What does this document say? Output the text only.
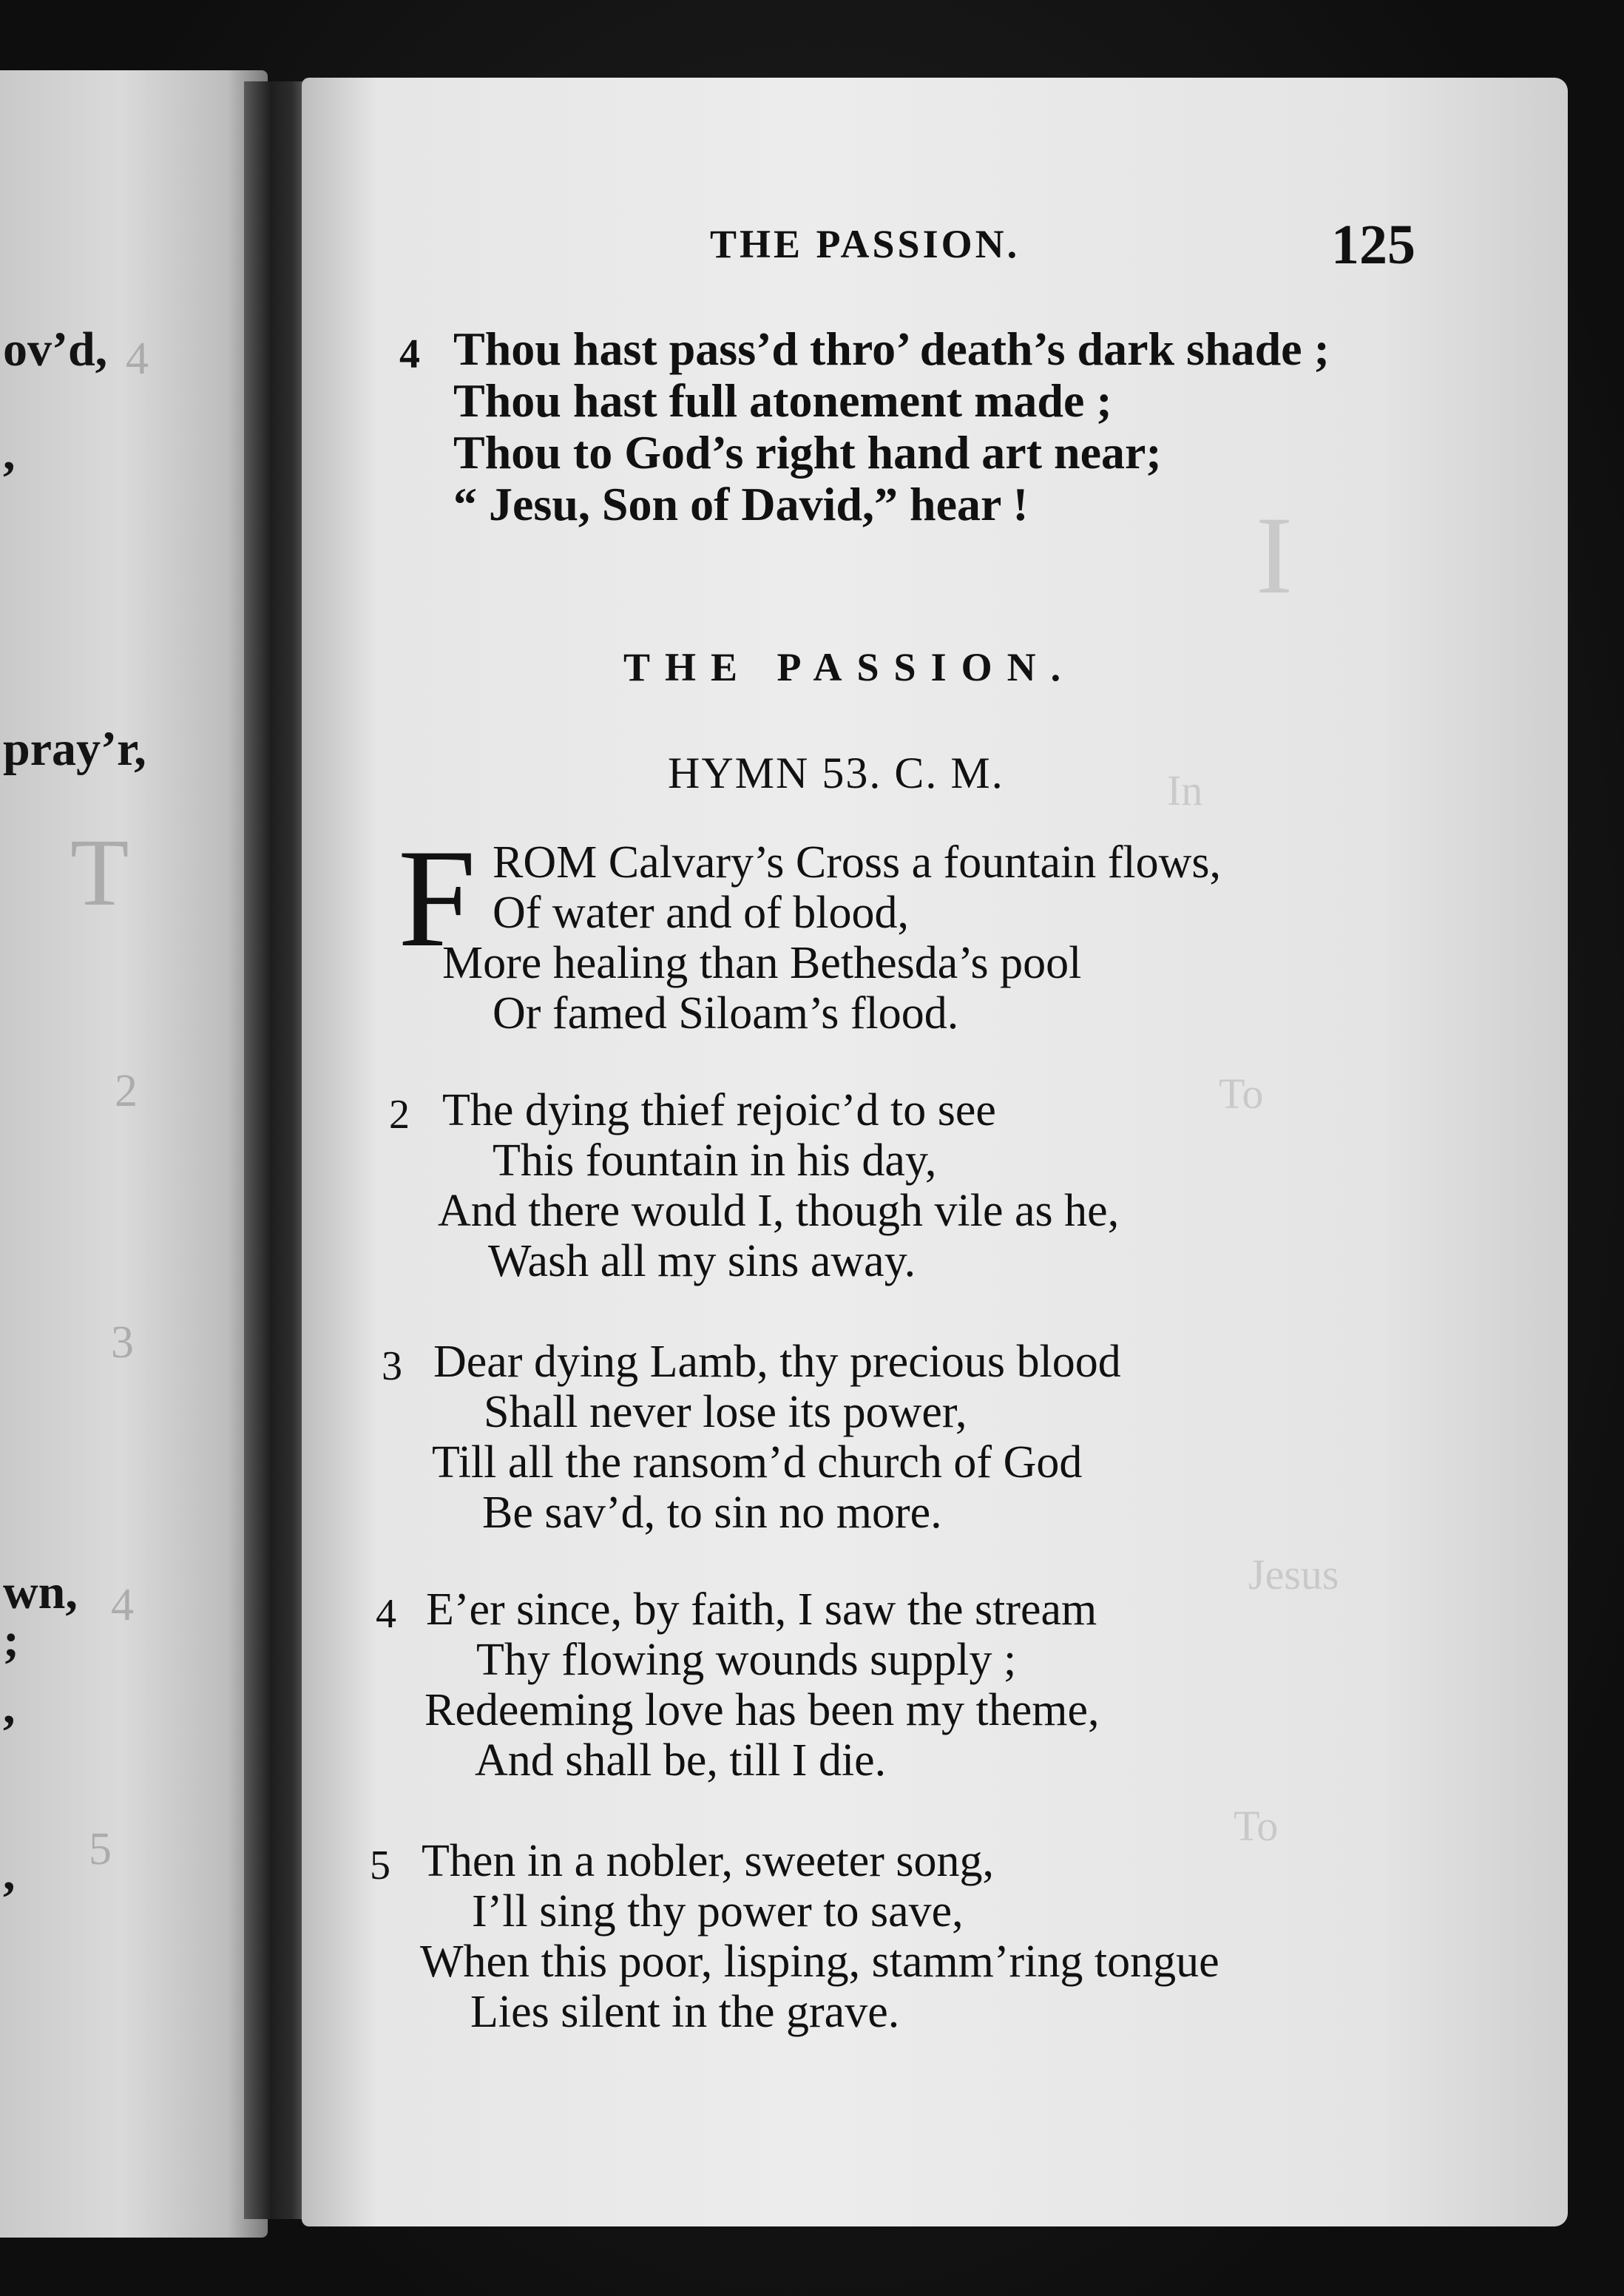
4
T
2
3
4
5
ov’d,
,
pray’r,
wn,
;
,
,
I
In
To
Jesus
To
THE PASSION.	125
4 Thou hast pass’d thro’ death’s dark shade ;
Thou hast full atonement made ;
Thou to God’s right hand art near;
“ Jesu, Son of David,” hear !
THE PASSION.
HYMN 53. C. M.
F ROM Calvary’s Cross a fountain flows,
Of water and of blood,
More healing than Bethesda’s pool
Or famed Siloam’s flood.
2 The dying thief rejoic’d to see
This fountain in his day,
And there would I, though vile as he,
Wash all my sins away.
3 Dear dying Lamb, thy precious blood
Shall never lose its power,
Till all the ransom’d church of God
Be sav’d, to sin no more.
4 E’er since, by faith, I saw the stream
Thy flowing wounds supply ;
Redeeming love has been my theme,
And shall be, till I die.
5 Then in a nobler, sweeter song,
I’ll sing thy power to save,
When this poor, lisping, stamm’ring tongue
Lies silent in the grave.
